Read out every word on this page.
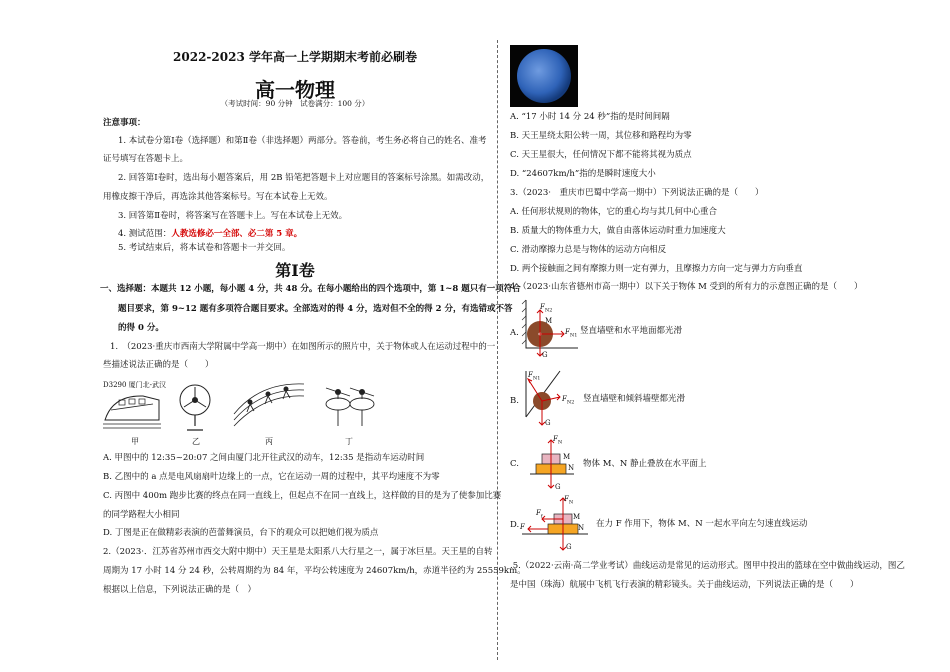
2022-2023 学年高一上学期期末考前必刷卷
高一物理
（考试时间：90 分钟　试卷满分：100 分）
注意事项：
1. 本试卷分第Ⅰ卷（选择题）和第Ⅱ卷（非选择题）两部分。答卷前，考生务必将自己的姓名、准考
证号填写在答题卡上。
2. 回答第Ⅰ卷时，选出每小题答案后，用 2B 铅笔把答题卡上对应题目的答案标号涂黑。如需改动，
用橡皮擦干净后，再选涂其他答案标号。写在本试卷上无效。
3. 回答第Ⅱ卷时，将答案写在答题卡上。写在本试卷上无效。
4. 测试范围：人教选修必一全部、必二第 5 章。
5. 考试结束后，将本试卷和答题卡一并交回。
第Ⅰ卷
一、选择题：本题共 12 小题，每小题 4 分，共 48 分。在每小题给出的四个选项中，第 1~8 题只有一项符合
题目要求，第 9~12 题有多项符合题目要求。全部选对的得 4 分，选对但不全的得 2 分，有选错或不答
的得 0 分。
1.　（2023·重庆市西南大学附属中学高一期中）在如图所示的照片中，关于物体或人在运动过程中的一
些描述说法正确的是（　　）
D3290 厦门北-武汉
甲	乙	丙	丁
A. 甲图中的 12:35~20:07 之间由厦门北开往武汉的动车，12:35 是指动车运动时间
B. 乙图中的 a 点是电风扇扇叶边缘上的一点，它在运动一周的过程中，其平均速度不为零
C. 丙图中 400m 跑步比赛的终点在同一直线上，但起点不在同一直线上，这样做的目的是为了使参加比赛
的同学路程大小相同
D. 丁图是正在做精彩表演的芭蕾舞演员，台下的观众可以把她们视为质点
2.（2023·．江苏省苏州市西交大附中期中）天王星是太阳系八大行星之一，属于冰巨星。天王星的自转
周期为 17 小时 14 分 24 秒，公转周期约为 84 年，平均公转速度为 24607km/h，赤道半径约为 25559km。
根据以上信息，下列说法正确的是（　）
A. “17 小时 14 分 24 秒”指的是时间间隔
B. 天王星绕太阳公转一周，其位移和路程均为零
C. 天王星很大，任何情况下都不能将其视为质点
D. “24607km/h”指的是瞬时速度大小
3.（2023·　重庆市巴蜀中学高一期中）下列说法正确的是（　　）
A. 任何形状规则的物体，它的重心均与其几何中心重合
B. 质量大的物体重力大，做自由落体运动时重力加速度大
C. 滑动摩擦力总是与物体的运动方向相反
D. 两个接触面之间有摩擦力则一定有弹力，且摩擦力方向一定与弹力方向垂直
4.（2023·山东省德州市高一期中）以下关于物体 M 受到的所有力的示意图正确的是（　　）
A.
$F_{N2}$
M
$F_{N1}$
G
竖直墙壁和水平地面都光滑
B.
$F_{N1}$
$F_{N2}$
G
竖直墙壁和倾斜墙壁都光滑
C.
$F_N$
M
N
G
物体 M、N 静止叠放在水平面上
D.
$F_N$
$F_f$	M
N
F
G
在力 F 作用下，物体 M、N 一起水平向左匀速直线运动
.5.（2022·云南·高二学业考试）曲线运动是常见的运动形式。图甲中投出的篮球在空中做曲线运动，图乙
是中国（珠海）航展中飞机飞行表演的精彩镜头。关于曲线运动，下列说法正确的是（　　）
